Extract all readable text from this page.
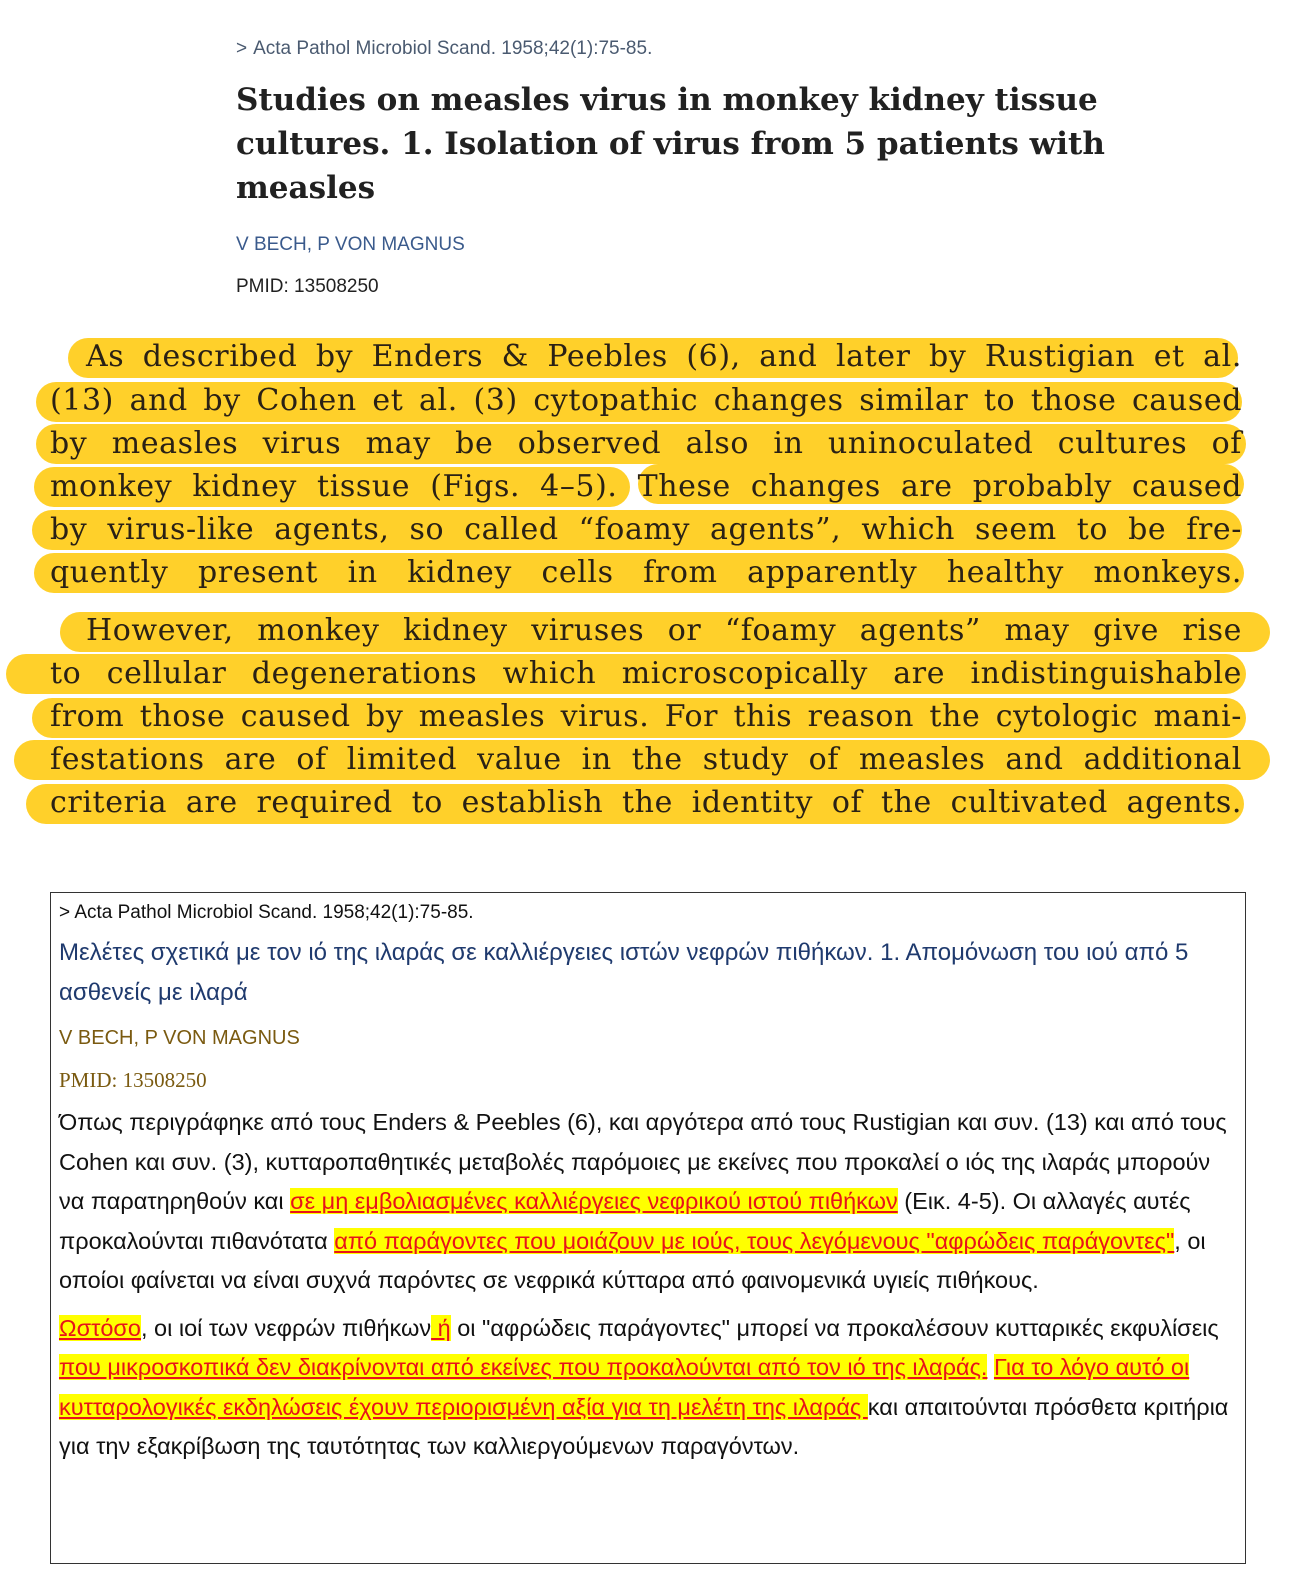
> Acta Pathol Microbiol Scand. 1958;42(1):75-85.

Studies on measles virus in monkey kidney tissue cultures. 1. Isolation of virus from 5 patients with measles

V BECH, P VON MAGNUS

PMID: 13508250

As described by Enders & Peebles (6), and later by Rustigian et al.
(13) and by Cohen et al. (3) cytopathic changes similar to those caused
by measles virus may be observed also in uninoculated cultures of
monkey kidney tissue (Figs. 4–5). These changes are probably caused
by virus-like agents, so called “foamy agents”, which seem to be fre-
quently present in kidney cells from apparently healthy monkeys.
However, monkey kidney viruses or “foamy agents” may give rise
to cellular degenerations which microscopically are indistinguishable
from those caused by measles virus. For this reason the cytologic mani-
festations are of limited value in the study of measles and additional
criteria are required to establish the identity of the cultivated agents.

> Acta Pathol Microbiol Scand. 1958;42(1):75-85.

Μελέτες σχετικά με τον ιό της ιλαράς σε καλλιέργειες ιστών νεφρών πιθήκων. 1. Απομόνωση του ιού από 5 ασθενείς με ιλαρά

V BECH, P VON MAGNUS

PMID: 13508250

Όπως περιγράφηκε από τους Enders & Peebles (6), και αργότερα από τους Rustigian και συν. (13) και από τους Cohen και συν. (3), κυτταροπαθητικές μεταβολές παρόμοιες με εκείνες που προκαλεί ο ιός της ιλαράς μπορούν να παρατηρηθούν και σε μη εμβολιασμένες καλλιέργειες νεφρικού ιστού πιθήκων (Εικ. 4-5). Οι αλλαγές αυτές προκαλούνται πιθανότατα από παράγοντες που μοιάζουν με ιούς, τους λεγόμενους "αφρώδεις παράγοντες", οι οποίοι φαίνεται να είναι συχνά παρόντες σε νεφρικά κύτταρα από φαινομενικά υγιείς πιθήκους.

Ωστόσο, οι ιοί των νεφρών πιθήκων ή οι "αφρώδεις παράγοντες" μπορεί να προκαλέσουν κυτταρικές εκφυλίσεις που μικροσκοπικά δεν διακρίνονται από εκείνες που προκαλούνται από τον ιό της ιλαράς. Για το λόγο αυτό οι κυτταρολογικές εκδηλώσεις έχουν περιορισμένη αξία για τη μελέτη της ιλαράς και απαιτούνται πρόσθετα κριτήρια για την εξακρίβωση της ταυτότητας των καλλιεργούμενων παραγόντων.
